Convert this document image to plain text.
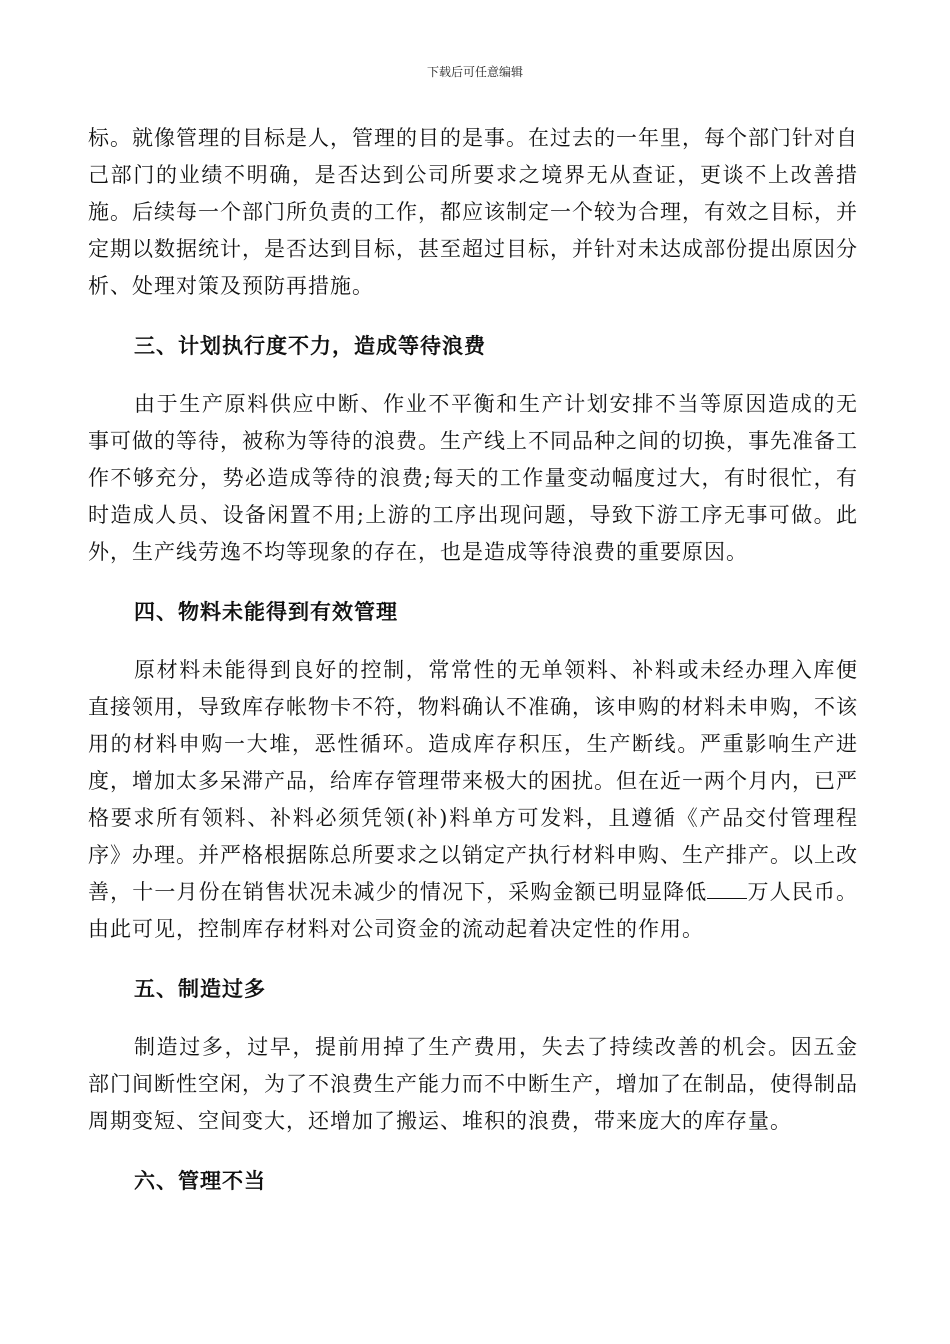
下载后可任意编辑

标。就像管理的目标是人，管理的目的是事。在过去的一年里，每个部门针对自己部门的业绩不明确，是否达到公司所要求之境界无从查证，更谈不上改善措施。后续每一个部门所负责的工作，都应该制定一个较为合理，有效之目标，并定期以数据统计，是否达到目标，甚至超过目标，并针对未达成部份提出原因分析、处理对策及预防再措施。

三、计划执行度不力，造成等待浪费

由于生产原料供应中断、作业不平衡和生产计划安排不当等原因造成的无事可做的等待，被称为等待的浪费。生产线上不同品种之间的切换，事先准备工作不够充分，势必造成等待的浪费;每天的工作量变动幅度过大，有时很忙，有时造成人员、设备闲置不用;上游的工序出现问题，导致下游工序无事可做。此外，生产线劳逸不均等现象的存在，也是造成等待浪费的重要原因。

四、物料未能得到有效管理

原材料未能得到良好的控制，常常性的无单领料、补料或未经办理入库便直接领用，导致库存帐物卡不符，物料确认不准确，该申购的材料未申购，不该用的材料申购一大堆，恶性循环。造成库存积压，生产断线。严重影响生产进度，增加太多呆滞产品，给库存管理带来极大的困扰。但在近一两个月内，已严格要求所有领料、补料必须凭领(补)料单方可发料，且遵循《产品交付管理程序》办理。并严格根据陈总所要求之以销定产执行材料申购、生产排产。以上改善，十一月份在销售状况未减少的情况下，采购金额已明显降低 万人民币。由此可见，控制库存材料对公司资金的流动起着决定性的作用。

五、制造过多

制造过多，过早，提前用掉了生产费用，失去了持续改善的机会。因五金部门间断性空闲，为了不浪费生产能力而不中断生产，增加了在制品，使得制品周期变短、空间变大，还增加了搬运、堆积的浪费，带来庞大的库存量。

六、管理不当
